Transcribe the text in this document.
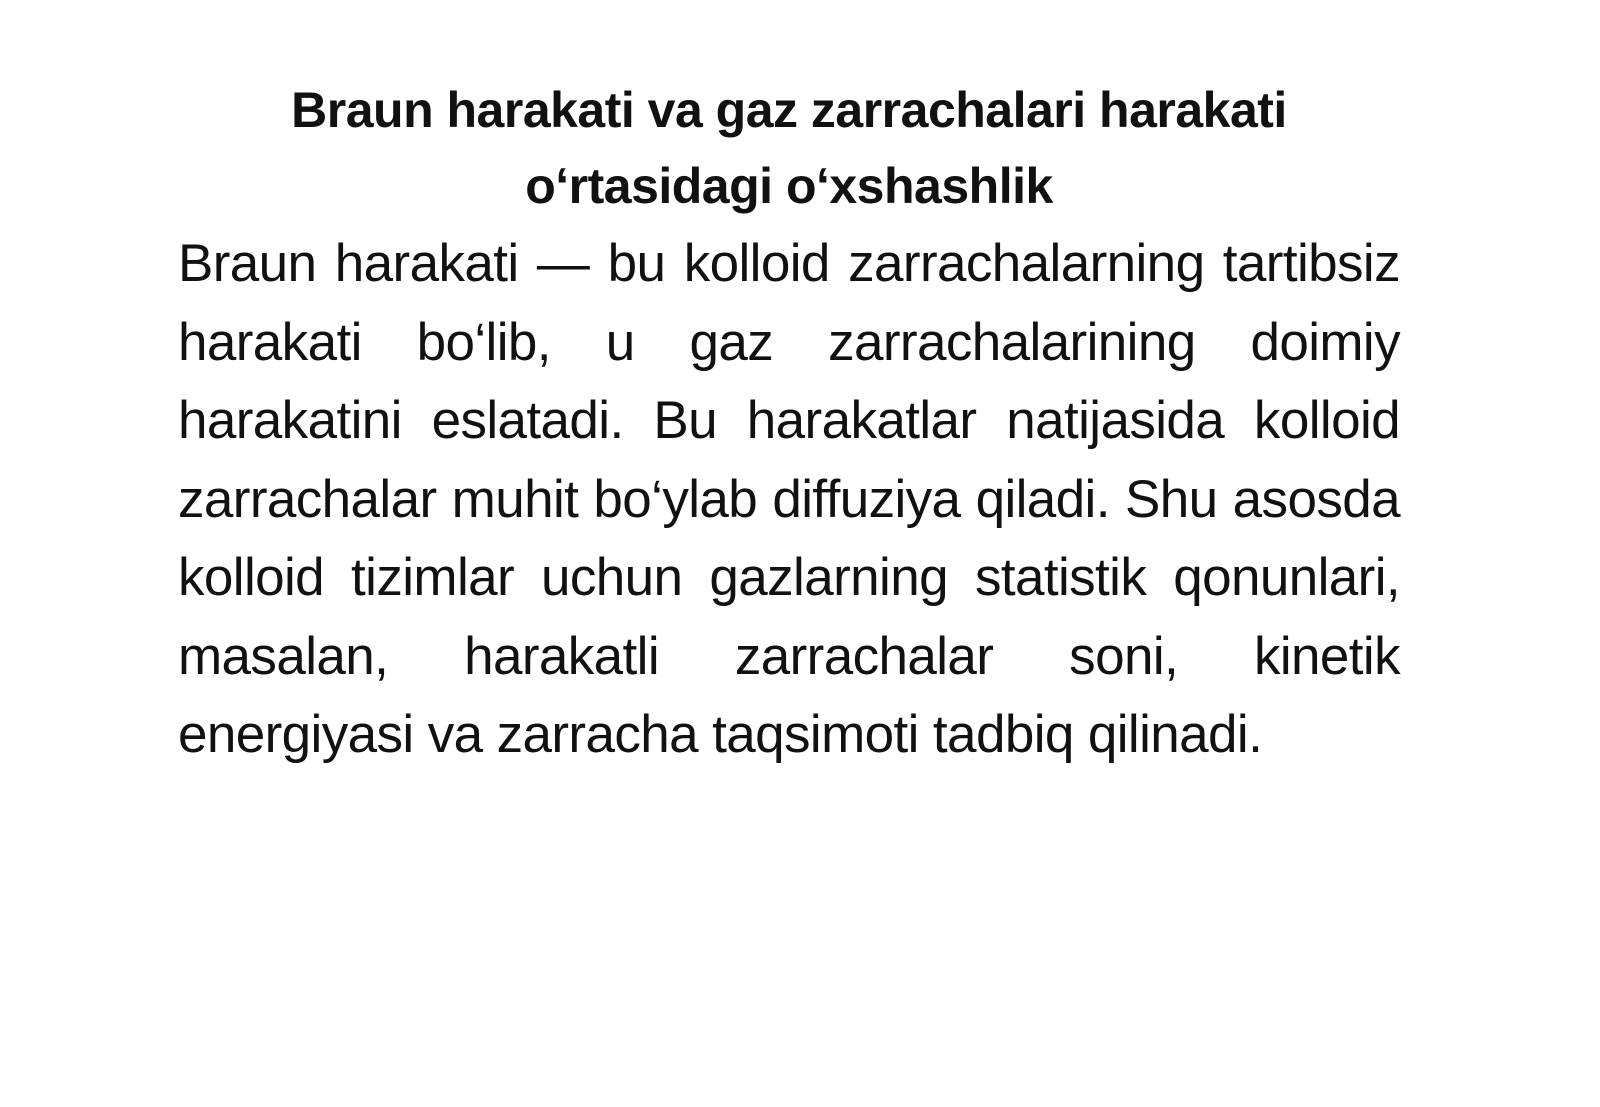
Braun harakati va gaz zarrachalari harakati o‘rtasidagi o‘xshashlik

Braun harakati — bu kolloid zarrachalarning tartibsiz harakati bo‘lib, u gaz zarrachalarining doimiy harakatini eslatadi. Bu harakatlar natijasida kolloid zarrachalar muhit bo‘ylab diffuziya qiladi. Shu asosda kolloid tizimlar uchun gazlarning statistik qonunlari, masalan, harakatli zarrachalar soni, kinetik energiyasi va zarracha taqsimoti tadbiq qilinadi.
